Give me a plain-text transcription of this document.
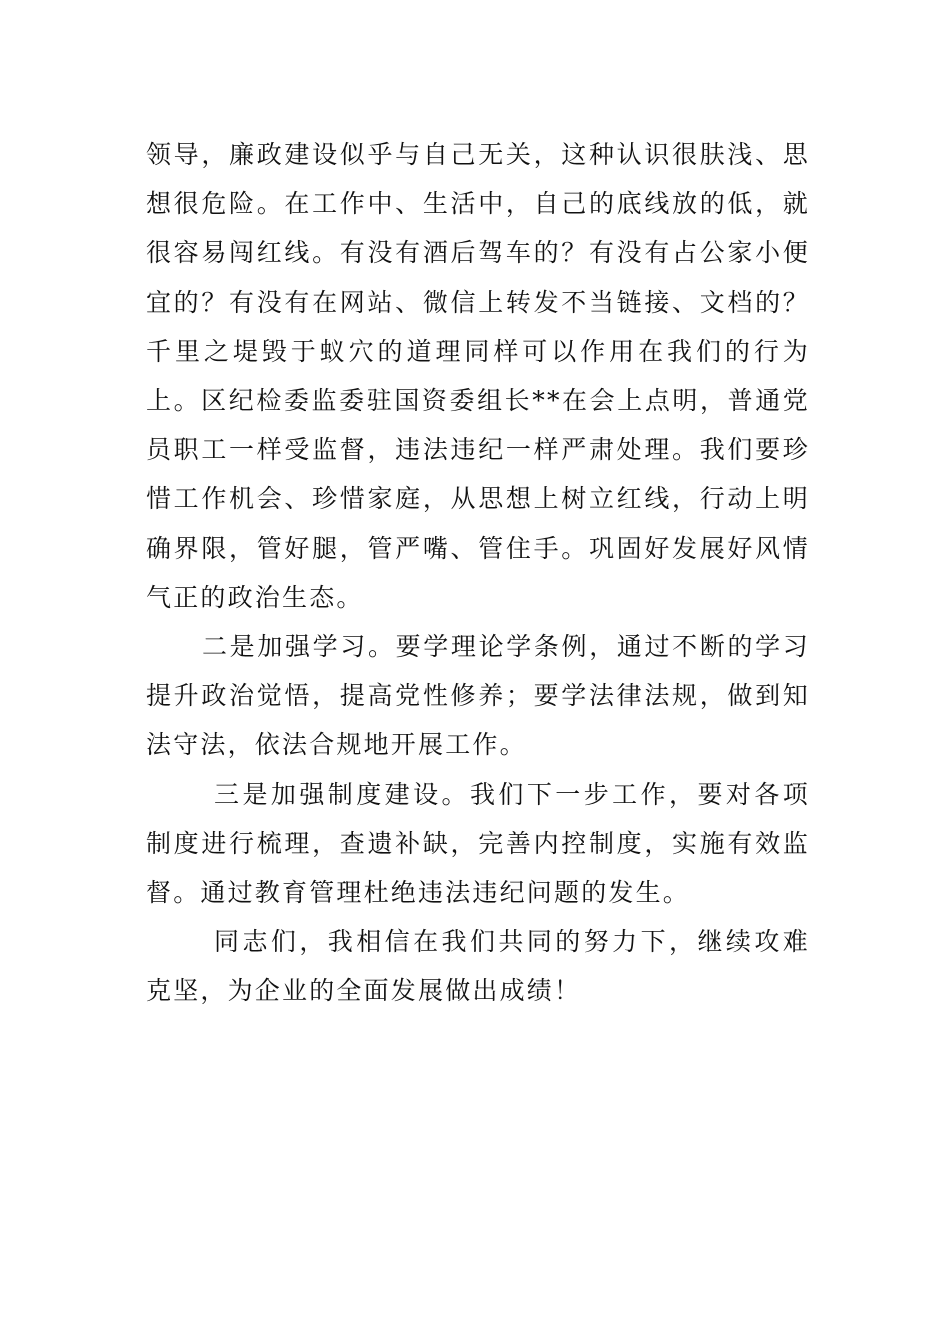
领导，廉政建设似乎与自己无关，这种认识很肤浅、思想很危险。在工作中、生活中，自己的底线放的低，就很容易闯红线。有没有酒后驾车的？有没有占公家小便宜的？有没有在网站、微信上转发不当链接、文档的？千里之堤毁于蚁穴的道理同样可以作用在我们的行为上。区纪检委监委驻国资委组长**在会上点明，普通党员职工一样受监督，违法违纪一样严肃处理。我们要珍惜工作机会、珍惜家庭，从思想上树立红线，行动上明确界限，管好腿，管严嘴、管住手。巩固好发展好风情气正的政治生态。

二是加强学习。要学理论学条例，通过不断的学习提升政治觉悟，提高党性修养；要学法律法规，做到知法守法，依法合规地开展工作。

三是加强制度建设。我们下一步工作，要对各项制度进行梳理，查遗补缺，完善内控制度，实施有效监督。通过教育管理杜绝违法违纪问题的发生。

同志们，我相信在我们共同的努力下，继续攻难克坚，为企业的全面发展做出成绩！
